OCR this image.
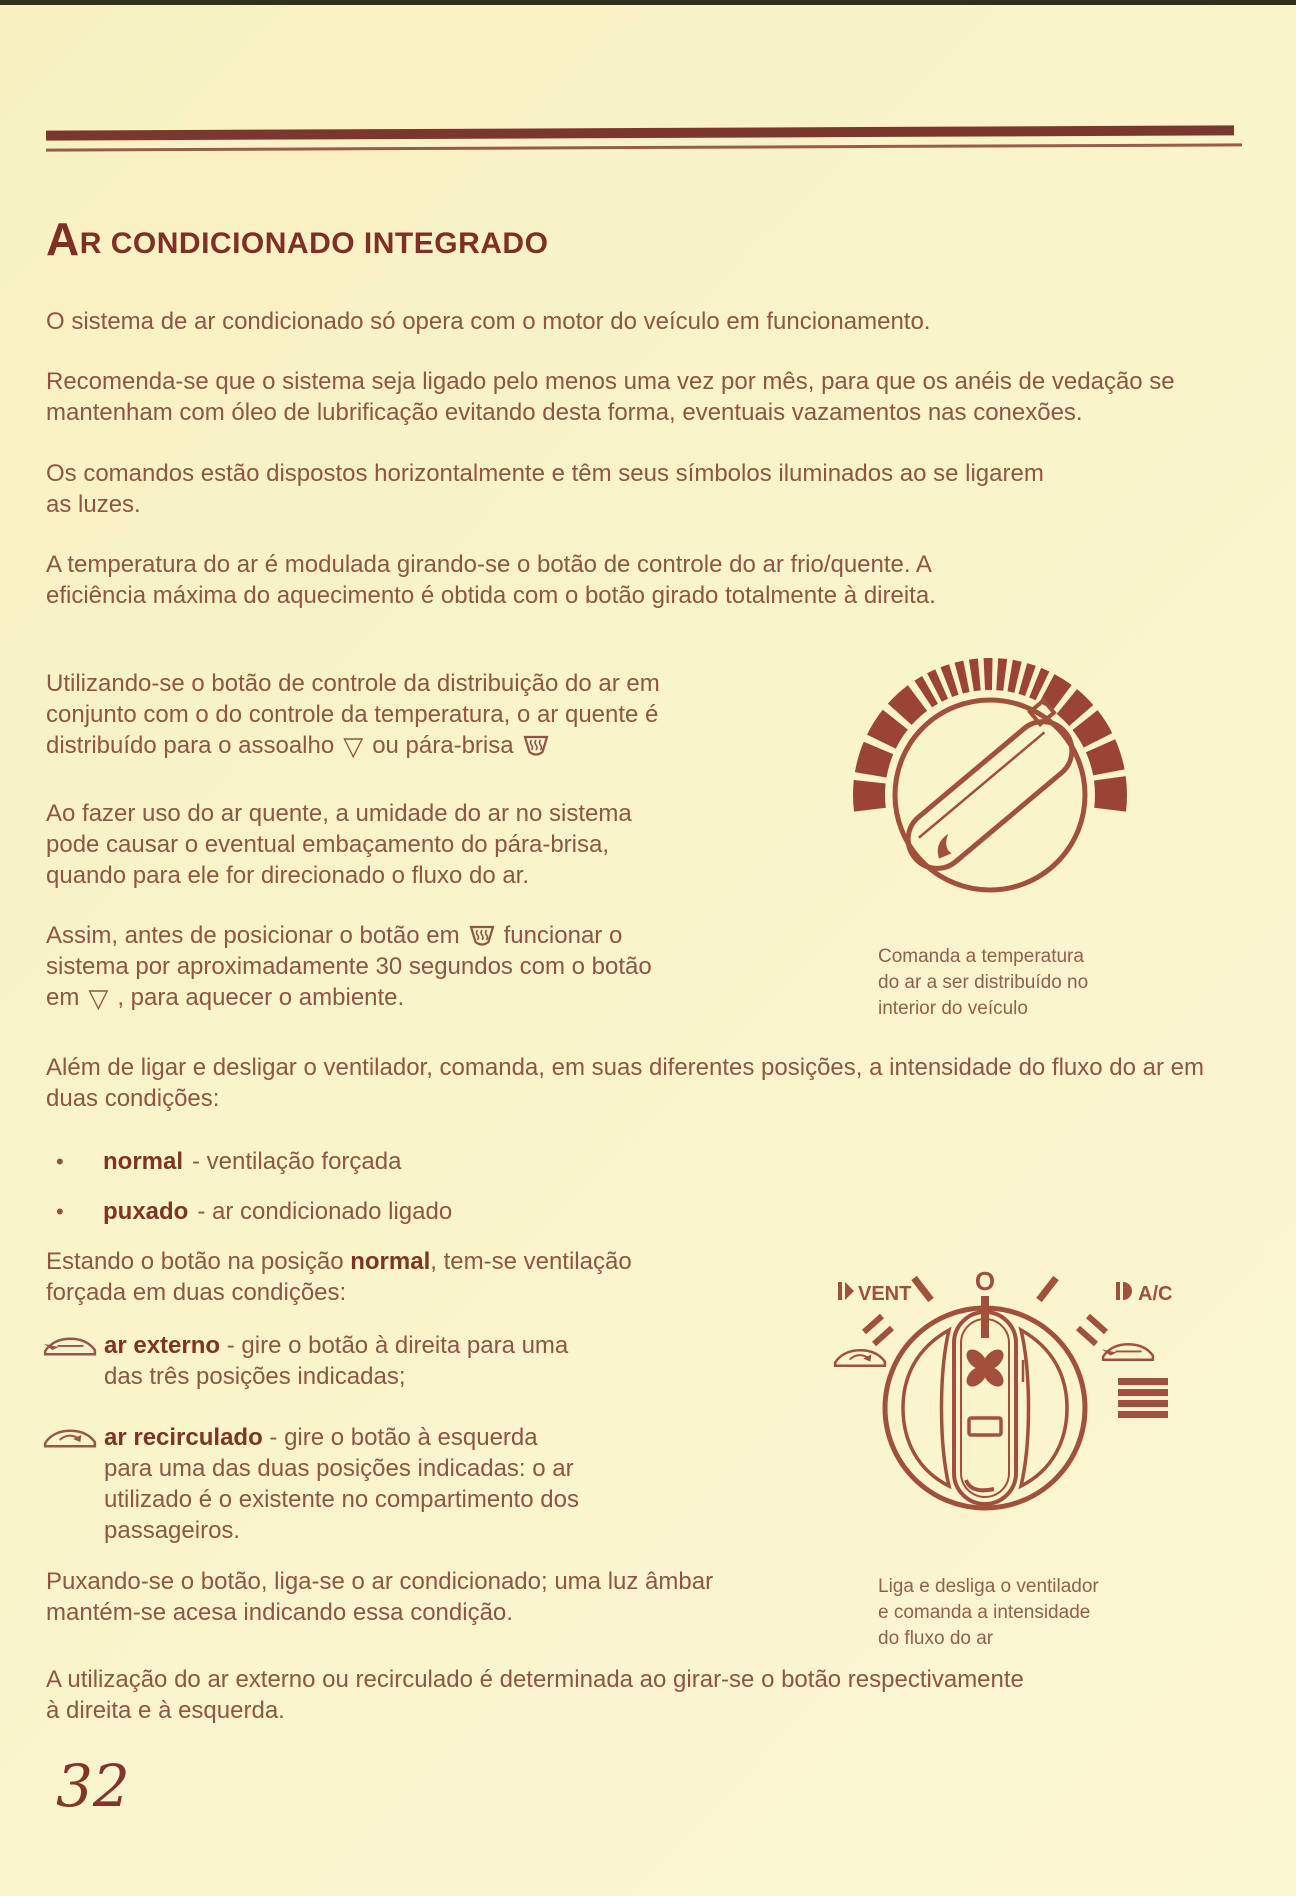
AR CONDICIONADO INTEGRADO
O sistema de ar condicionado só opera com o motor do veículo em funcionamento.
Recomenda-se que o sistema seja ligado pelo menos uma vez por mês, para que os anéis de vedação se mantenham com óleo de lubrificação evitando desta forma, eventuais vazamentos nas conexões.
Os comandos estão dispostos horizontalmente e têm seus símbolos iluminados ao se ligarem as luzes.
A temperatura do ar é modulada girando-se o botão de controle do ar frio/quente. A eficiência máxima do aquecimento é obtida com o botão girado totalmente à direita.
Utilizando-se o botão de controle da distribuição do ar em conjunto com o do controle da temperatura, o ar quente é distribuído para o assoalho ▽ ou pára-brisa
Ao fazer uso do ar quente, a umidade do ar no sistema pode causar o eventual embaçamento do pára-brisa, quando para ele for direcionado o fluxo do ar.
Assim, antes de posicionar o botão em funcionar o sistema por aproximadamente 30 segundos com o botão em ▽ , para aquecer o ambiente.
Além de ligar e desligar o ventilador, comanda, em suas diferentes posições, a intensidade do fluxo do ar em duas condições:
•	normal - ventilação forçada
•	puxado - ar condicionado ligado
Estando o botão na posição normal, tem-se ventilação forçada em duas condições:
ar externo - gire o botão à direita para uma das três posições indicadas;
ar recirculado - gire o botão à esquerda para uma das duas posições indicadas: o ar utilizado é o existente no compartimento dos passageiros.
Puxando-se o botão, liga-se o ar condicionado; uma luz âmbar mantém-se acesa indicando essa condição.
A utilização do ar externo ou recirculado é determinada ao girar-se o botão respectivamente à direita e à esquerda.
Comanda a temperatura do ar a ser distribuído no interior do veículo
O
VENT	A/C
Liga e desliga o ventilador e comanda a intensidade do fluxo do ar
32
